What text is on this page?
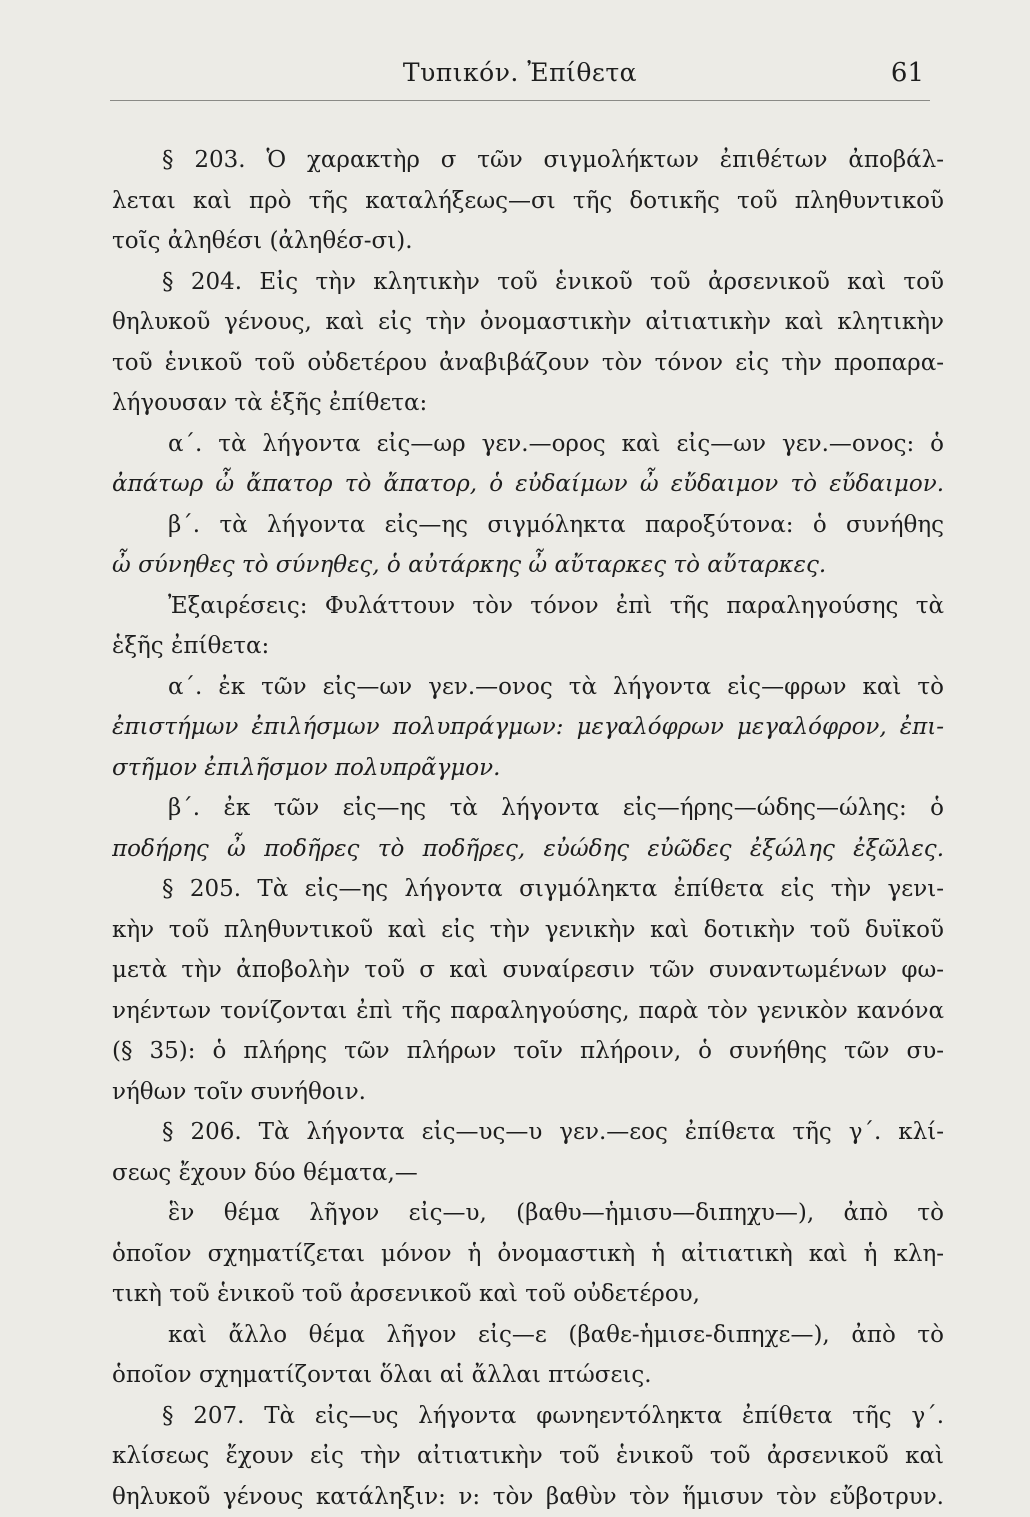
Τυπικόν. Ἐπίθετα	61
§ 203. Ὁ χαρακτὴρ σ τῶν σιγμολήκτων ἐπιθέτων ἀποβάλ-
λεται καὶ πρὸ τῆς καταλήξεως—σι τῆς δοτικῆς τοῦ πληθυντικοῦ
τοῖς ἀληθέσι (ἀληθέσ-σι).
§ 204. Εἰς τὴν κλητικὴν τοῦ ἑνικοῦ τοῦ ἀρσενικοῦ καὶ τοῦ
θηλυκοῦ γένους, καὶ εἰς τὴν ὀνομαστικὴν αἰτιατικὴν καὶ κλητικὴν
τοῦ ἑνικοῦ τοῦ οὐδετέρου ἀναβιβάζουν τὸν τόνον εἰς τὴν προπαρα-
λήγουσαν τὰ ἑξῆς ἐπίθετα:
α΄. τὰ λήγοντα εἰς—ωρ γεν.—ορος καὶ εἰς—ων γεν.—ονος: ὁ
ἀπάτωρ ὦ ἄπατορ τὸ ἄπατορ, ὁ εὐδαίμων ὦ εὔδαιμον τὸ εὔδαιμον.
β΄. τὰ λήγοντα εἰς—ης σιγμόληκτα παροξύτονα: ὁ συνήθης
ὦ σύνηθες τὸ σύνηθες, ὁ αὐτάρκης ὦ αὔταρκες τὸ αὔταρκες.
Ἐξαιρέσεις: Φυλάττουν τὸν τόνον ἐπὶ τῆς παραληγούσης τὰ
ἑξῆς ἐπίθετα:
α΄. ἐκ τῶν εἰς—ων γεν.—ονος τὰ λήγοντα εἰς—φρων καὶ τὸ
ἐπιστήμων ἐπιλήσμων πολυπράγμων: μεγαλόφρων μεγαλόφρον, ἐπι-
στῆμον ἐπιλῆσμον πολυπρᾶγμον.
β΄. ἐκ τῶν εἰς—ης τὰ λήγοντα εἰς—ήρης—ώδης—ώλης: ὁ
ποδήρης ὦ ποδῆρες τὸ ποδῆρες, εὐώδης εὐῶδες ἐξώλης ἐξῶλες.
§ 205. Τὰ εἰς—ης λήγοντα σιγμόληκτα ἐπίθετα εἰς τὴν γενι-
κὴν τοῦ πληθυντικοῦ καὶ εἰς τὴν γενικὴν καὶ δοτικὴν τοῦ δυϊκοῦ
μετὰ τὴν ἀποβολὴν τοῦ σ καὶ συναίρεσιν τῶν συναντωμένων φω-
νηέντων τονίζονται ἐπὶ τῆς παραληγούσης, παρὰ τὸν γενικὸν κανόνα
(§ 35): ὁ πλήρης τῶν πλήρων τοῖν πλήροιν, ὁ συνήθης τῶν συ-
νήθων τοῖν συνήθοιν.
§ 206. Τὰ λήγοντα εἰς—υς—υ γεν.—εος ἐπίθετα τῆς γ΄. κλί-
σεως ἔχουν δύο θέματα,—
ἓν θέμα λῆγον εἰς—υ, (βαθυ—ἡμισυ—διπηχυ—), ἀπὸ τὸ
ὁποῖον σχηματίζεται μόνον ἡ ὀνομαστικὴ ἡ αἰτιατικὴ καὶ ἡ κλη-
τικὴ τοῦ ἑνικοῦ τοῦ ἀρσενικοῦ καὶ τοῦ οὐδετέρου,
καὶ ἄλλο θέμα λῆγον εἰς—ε (βαθε-ἡμισε-διπηχε—), ἀπὸ τὸ
ὁποῖον σχηματίζονται ὅλαι αἱ ἄλλαι πτώσεις.
§ 207. Τὰ εἰς—υς λήγοντα φωνηεντόληκτα ἐπίθετα τῆς γ΄.
κλίσεως ἔχουν εἰς τὴν αἰτιατικὴν τοῦ ἑνικοῦ τοῦ ἀρσενικοῦ καὶ
θηλυκοῦ γένους κατάληξιν: ν: τὸν βαθὺν τὸν ἥμισυν τὸν εὔβοτρυν.
